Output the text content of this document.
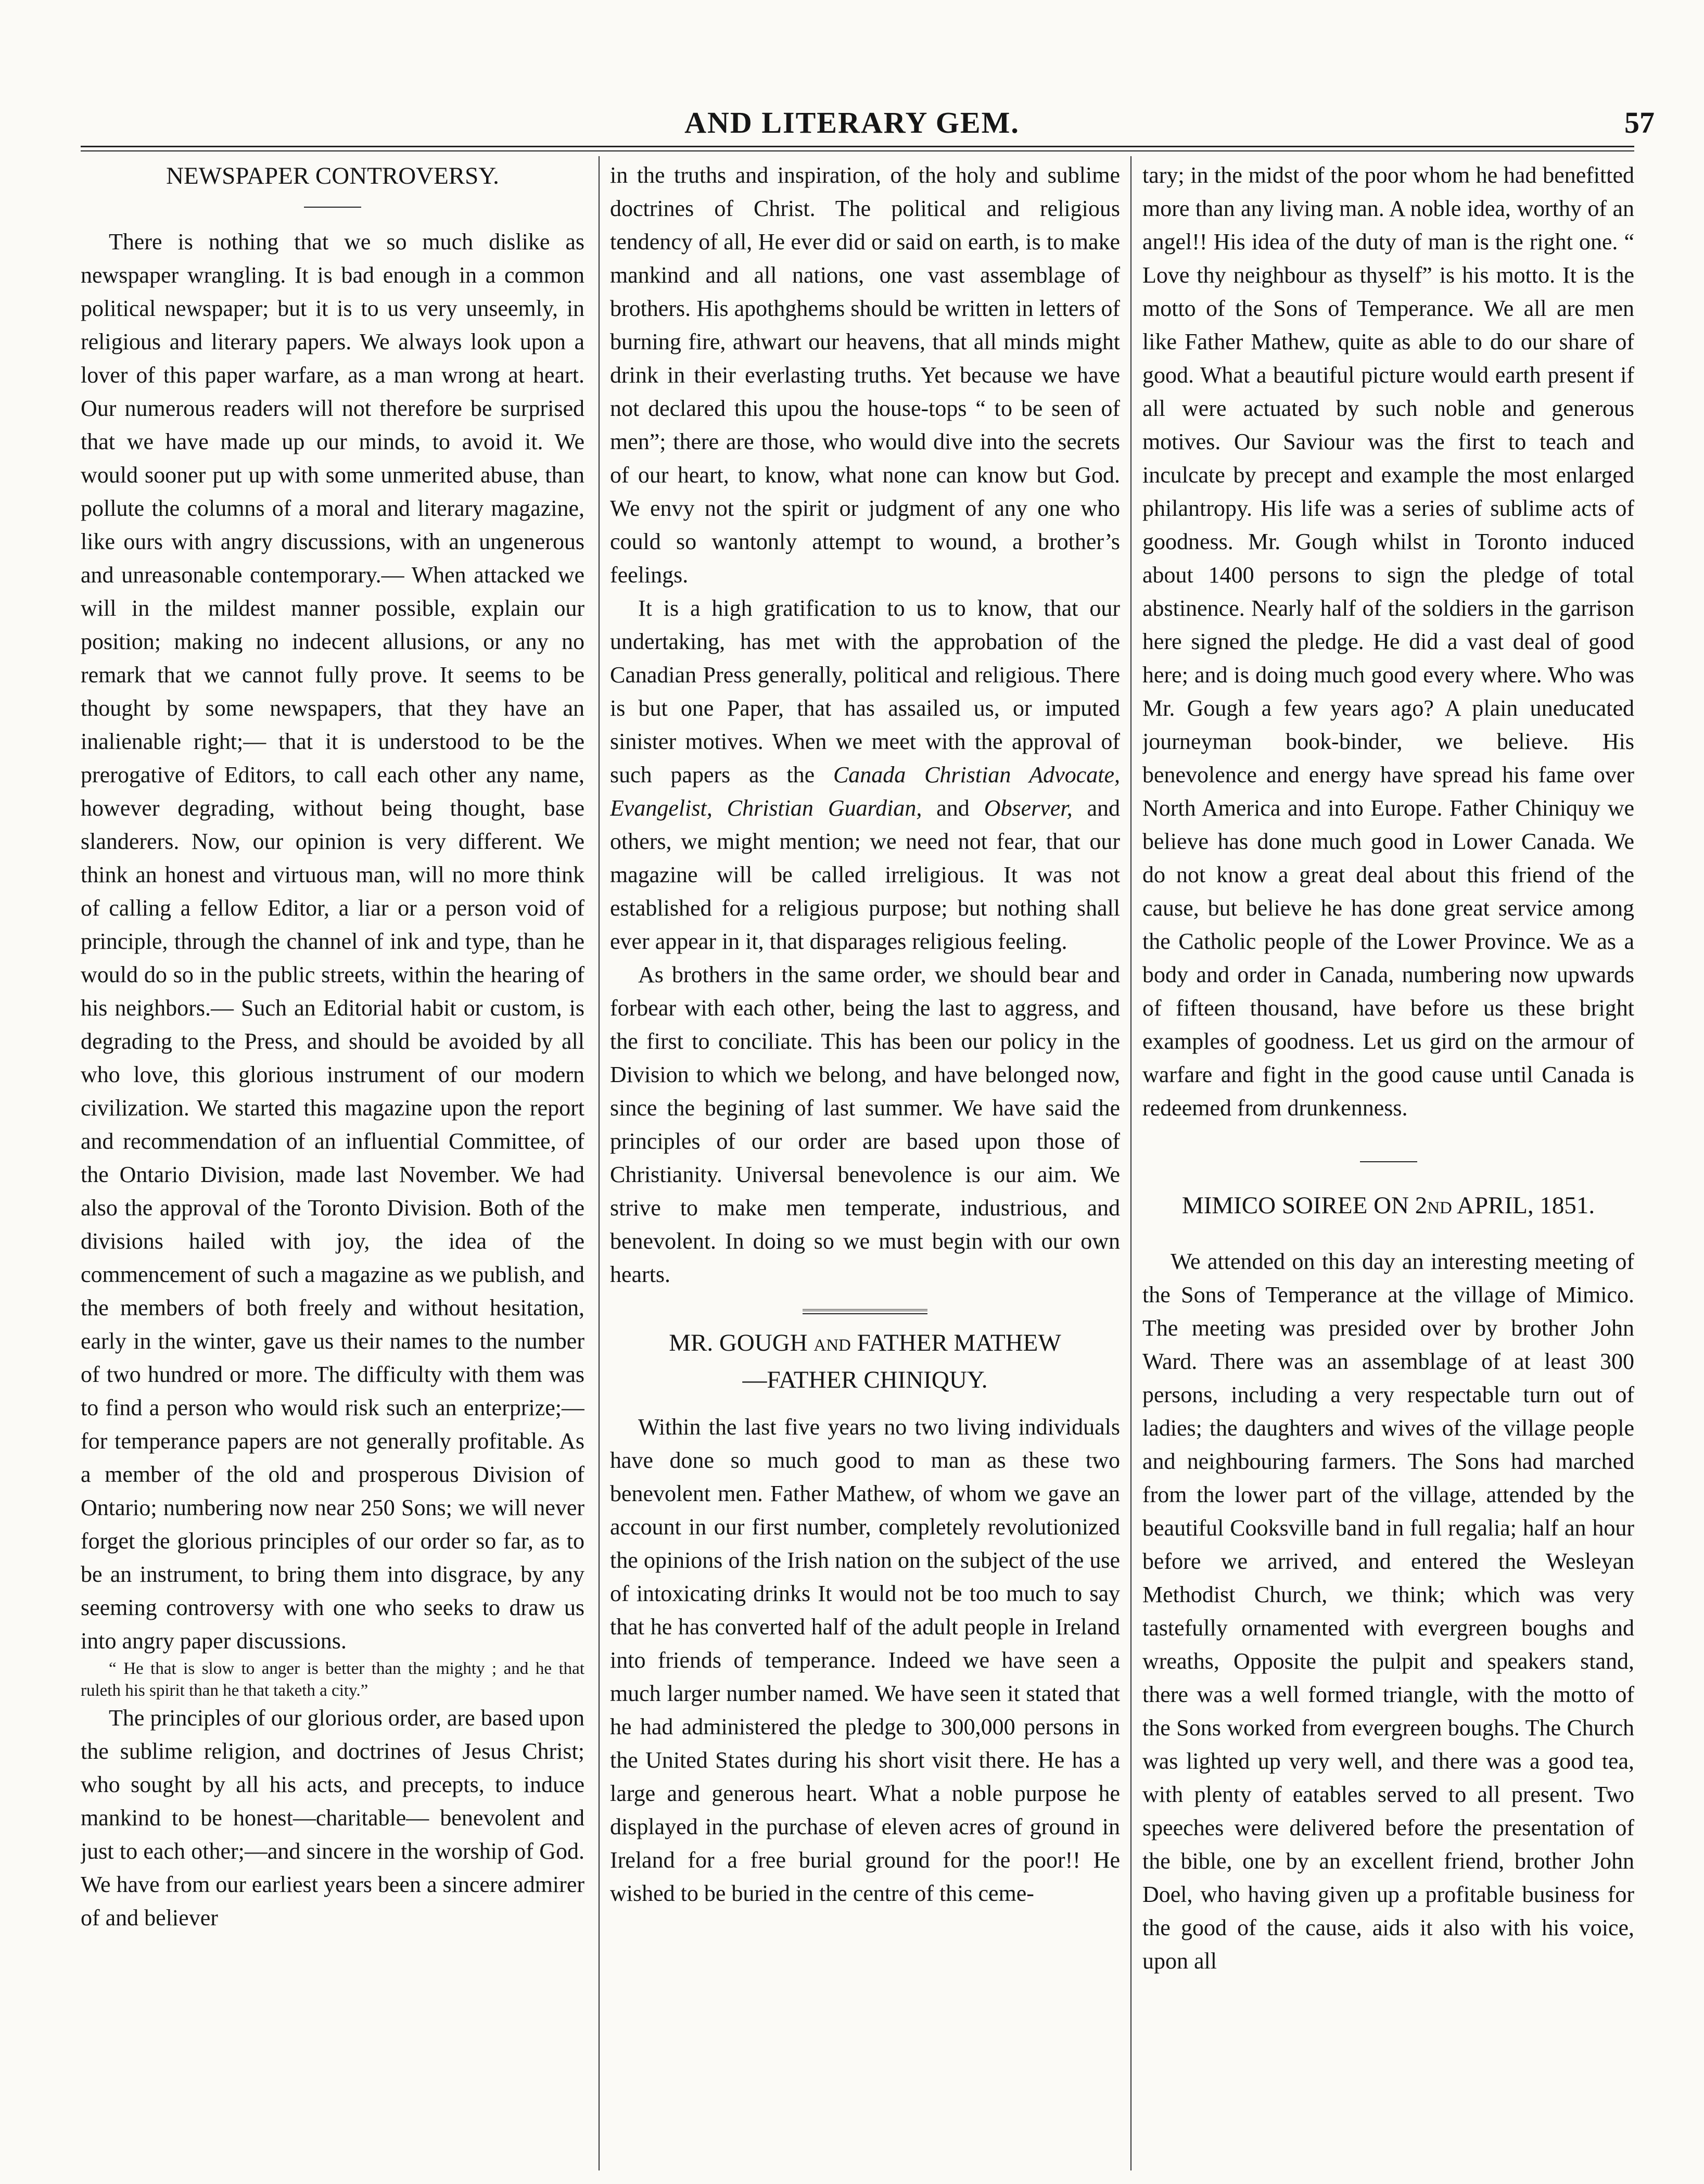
AND LITERARY GEM.	57

NEWSPAPER CONTROVERSY.

There is nothing that we so much dislike as newspaper wrangling. It is bad enough in a common political newspaper; but it is to us very unseemly, in religious and literary papers. We always look upon a lover of this paper warfare, as a man wrong at heart. Our numerous readers will not therefore be surprised that we have made up our minds, to avoid it. We would sooner put up with some unmerited abuse, than pollute the columns of a moral and literary magazine, like ours with angry discussions, with an ungenerous and unreasonable contemporary.— When attacked we will in the mildest manner possible, explain our position; making no indecent allusions, or any no remark that we cannot fully prove. It seems to be thought by some newspapers, that they have an inalienable right;— that it is understood to be the prerogative of Editors, to call each other any name, however degrading, without being thought, base slanderers. Now, our opinion is very different. We think an honest and virtuous man, will no more think of calling a fellow Editor, a liar or a person void of principle, through the channel of ink and type, than he would do so in the public streets, within the hearing of his neighbors.— Such an Editorial habit or custom, is degrading to the Press, and should be avoided by all who love, this glorious instrument of our modern civilization. We started this magazine upon the report and recommendation of an influential Committee, of the Ontario Division, made last November. We had also the approval of the Toronto Division. Both of the divisions hailed with joy, the idea of the commencement of such a magazine as we publish, and the members of both freely and without hesitation, early in the winter, gave us their names to the number of two hundred or more. The difficulty with them was to find a person who would risk such an enterprize;—for temperance papers are not generally profitable. As a member of the old and prosperous Division of Ontario; numbering now near 250 Sons; we will never forget the glorious principles of our order so far, as to be an instrument, to bring them into disgrace, by any seeming controversy with one who seeks to draw us into angry paper discussions.

“ He that is slow to anger is better than the mighty ; and he that ruleth his spirit than he that taketh a city.”

The principles of our glorious order, are based upon the sublime religion, and doctrines of Jesus Christ; who sought by all his acts, and precepts, to induce mankind to be honest—charitable— benevolent and just to each other;—and sincere in the worship of God. We have from our earliest years been a sincere admirer of and believer

in the truths and inspiration, of the holy and sublime doctrines of Christ. The political and religious tendency of all, He ever did or said on earth, is to make mankind and all nations, one vast assemblage of brothers. His apothghems should be written in letters of burning fire, athwart our heavens, that all minds might drink in their everlasting truths. Yet because we have not declared this upou the house-tops “ to be seen of men”; there are those, who would dive into the secrets of our heart, to know, what none can know but God. We envy not the spirit or judgment of any one who could so wantonly attempt to wound, a brother’s feelings.

It is a high gratification to us to know, that our undertaking, has met with the approbation of the Canadian Press generally, political and religious. There is but one Paper, that has assailed us, or imputed sinister motives. When we meet with the approval of such papers as the Canada Christian Advocate, Evangelist, Christian Guardian, and Observer, and others, we might mention; we need not fear, that our magazine will be called irreligious. It was not established for a religious purpose; but nothing shall ever appear in it, that disparages religious feeling.

As brothers in the same order, we should bear and forbear with each other, being the last to aggress, and the first to conciliate. This has been our policy in the Division to which we belong, and have belonged now, since the begining of last summer. We have said the principles of our order are based upon those of Christianity. Universal benevolence is our aim. We strive to make men temperate, industrious, and benevolent. In doing so we must begin with our own hearts.

MR. GOUGH AND FATHER MATHEW
—FATHER CHINIQUY.

Within the last five years no two living individuals have done so much good to man as these two benevolent men. Father Mathew, of whom we gave an account in our first number, completely revolutionized the opinions of the Irish nation on the subject of the use of intoxicating drinks It would not be too much to say that he has converted half of the adult people in Ireland into friends of temperance. Indeed we have seen a much larger number named. We have seen it stated that he had administered the pledge to 300,000 persons in the United States during his short visit there. He has a large and generous heart. What a noble purpose he displayed in the purchase of eleven acres of ground in Ireland for a free burial ground for the poor!! He wished to be buried in the centre of this ceme-

tary; in the midst of the poor whom he had benefitted more than any living man. A noble idea, worthy of an angel!! His idea of the duty of man is the right one. “ Love thy neighbour as thyself” is his motto. It is the motto of the Sons of Temperance. We all are men like Father Mathew, quite as able to do our share of good. What a beautiful picture would earth present if all were actuated by such noble and generous motives. Our Saviour was the first to teach and inculcate by precept and example the most enlarged philantropy. His life was a series of sublime acts of goodness. Mr. Gough whilst in Toronto induced about 1400 persons to sign the pledge of total abstinence. Nearly half of the soldiers in the garrison here signed the pledge. He did a vast deal of good here; and is doing much good every where. Who was Mr. Gough a few years ago? A plain uneducated journeyman book-binder, we believe. His benevolence and energy have spread his fame over North America and into Europe. Father Chiniquy we believe has done much good in Lower Canada. We do not know a great deal about this friend of the cause, but believe he has done great service among the Catholic people of the Lower Province. We as a body and order in Canada, numbering now upwards of fifteen thousand, have before us these bright examples of goodness. Let us gird on the armour of warfare and fight in the good cause until Canada is redeemed from drunkenness.

MIMICO SOIREE ON 2ND APRIL, 1851.

We attended on this day an interesting meeting of the Sons of Temperance at the village of Mimico. The meeting was presided over by brother John Ward. There was an assemblage of at least 300 persons, including a very respectable turn out of ladies; the daughters and wives of the village people and neighbouring farmers. The Sons had marched from the lower part of the village, attended by the beautiful Cooksville band in full regalia; half an hour before we arrived, and entered the Wesleyan Methodist Church, we think; which was very tastefully ornamented with evergreen boughs and wreaths, Opposite the pulpit and speakers stand, there was a well formed triangle, with the motto of the Sons worked from evergreen boughs. The Church was lighted up very well, and there was a good tea, with plenty of eatables served to all present. Two speeches were delivered before the presentation of the bible, one by an excellent friend, brother John Doel, who having given up a profitable business for the good of the cause, aids it also with his voice, upon all
